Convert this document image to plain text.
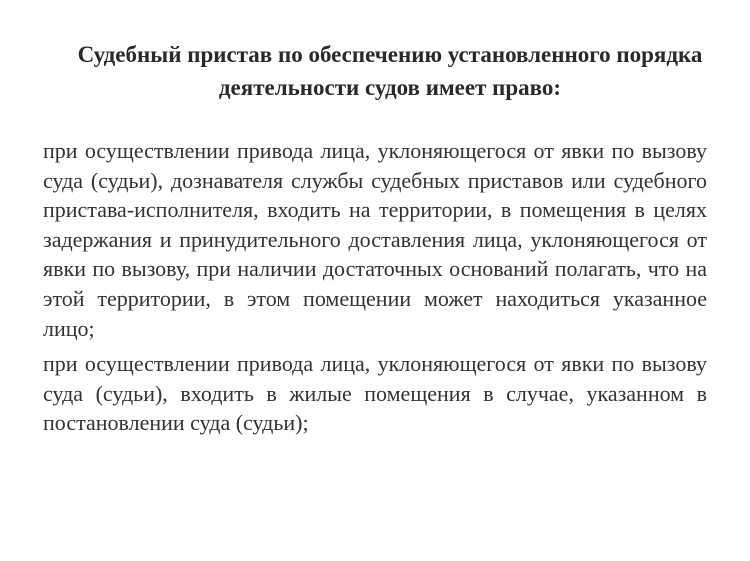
Судебный пристав по обеспечению установленного порядка деятельности судов имеет право:

при осуществлении привода лица, уклоняющегося от явки по вызову суда (судьи), дознавателя службы судебных приставов или судебного пристава-исполнителя, входить на территории, в помещения в целях задержания и принудительного доставления лица, уклоняющегося от явки по вызову, при наличии достаточных оснований полагать, что на этой территории, в этом помещении может находиться указанное лицо;

при осуществлении привода лица, уклоняющегося от явки по вызову суда (судьи), входить в жилые помещения в случае, указанном в постановлении суда (судьи);
